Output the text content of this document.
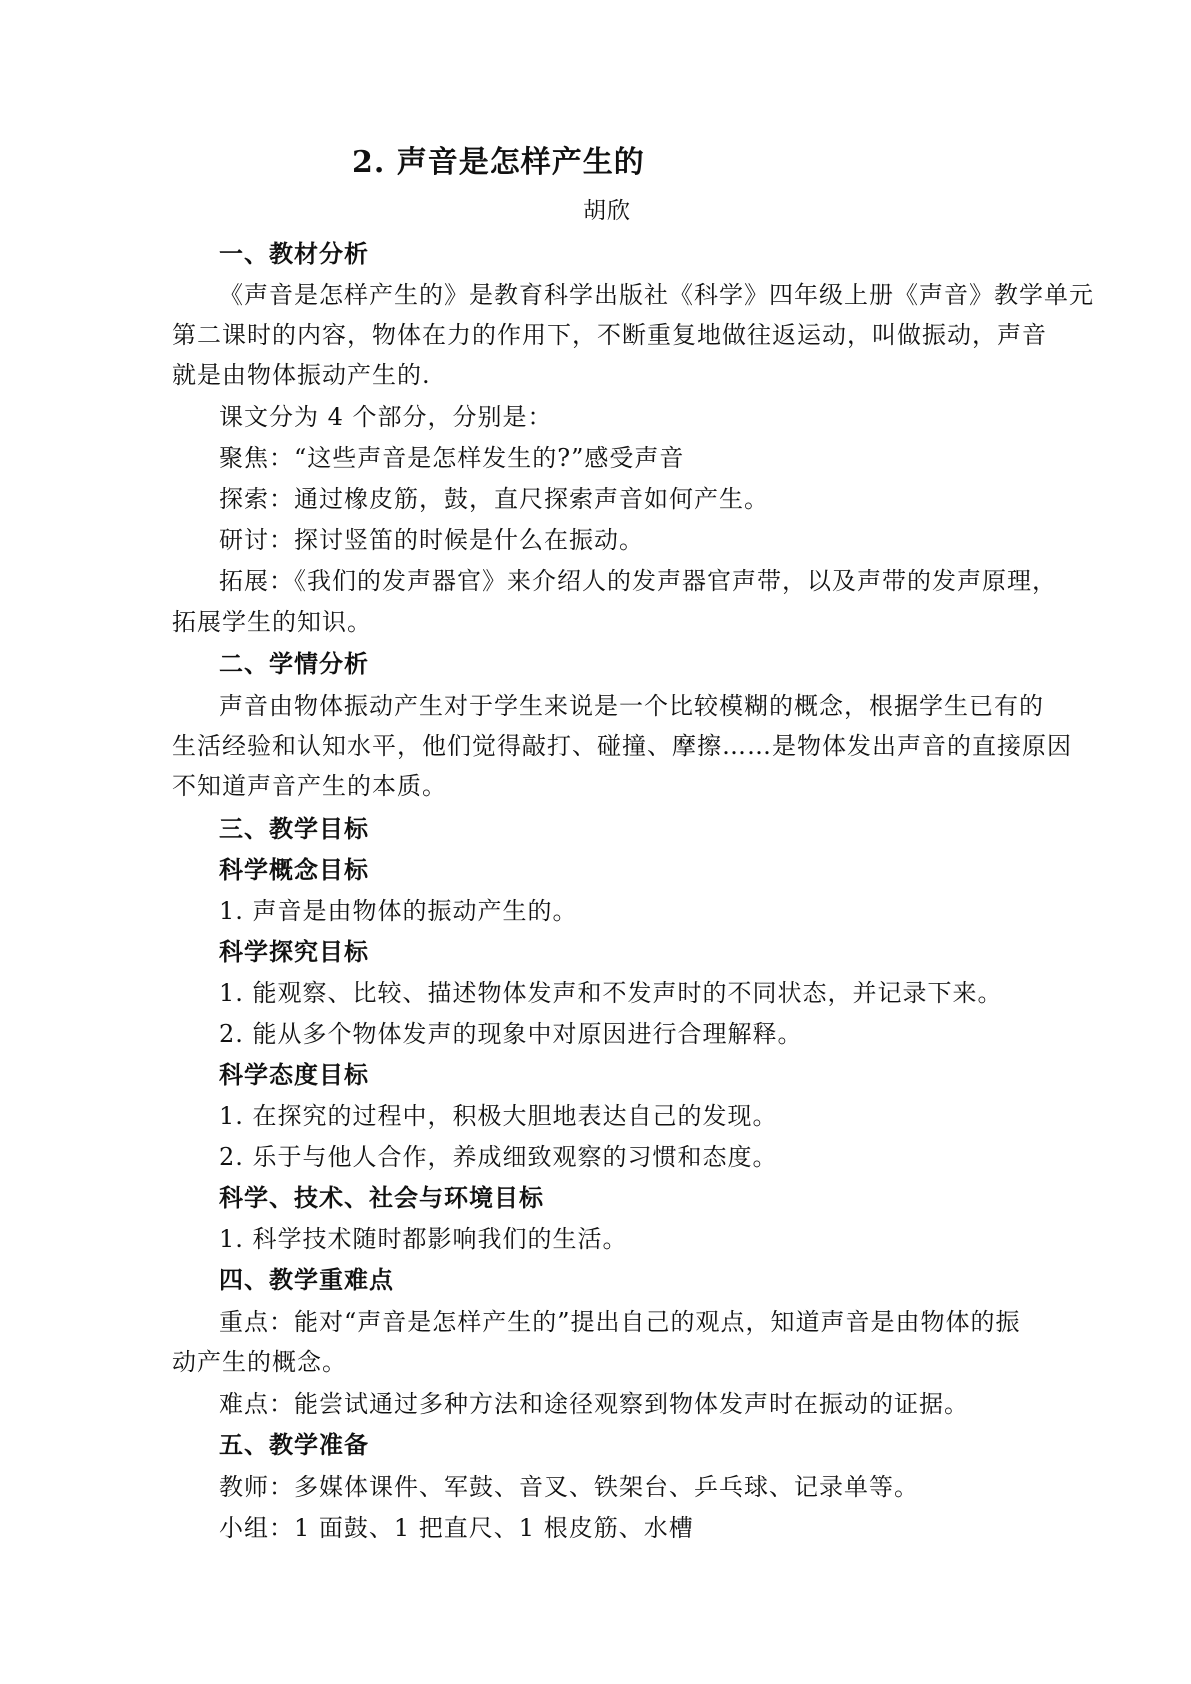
2. 声音是怎样产生的
胡欣
一、教材分析
《声音是怎样产生的》是教育科学出版社《科学》四年级上册《声音》教学单元
第二课时的内容，物体在力的作用下，不断重复地做往返运动，叫做振动，声音
就是由物体振动产生的.
课文分为 4 个部分，分别是：
聚焦：“这些声音是怎样发生的?”感受声音
探索：通过橡皮筋，鼓，直尺探索声音如何产生。
研讨：探讨竖笛的时候是什么在振动。
拓展：《我们的发声器官》来介绍人的发声器官声带，以及声带的发声原理，
拓展学生的知识。
二、学情分析
声音由物体振动产生对于学生来说是一个比较模糊的概念，根据学生已有的
生活经验和认知水平，他们觉得敲打、碰撞、摩擦……是物体发出声音的直接原因
不知道声音产生的本质。
三、教学目标
科学概念目标
1. 声音是由物体的振动产生的。
科学探究目标
1. 能观察、比较、描述物体发声和不发声时的不同状态，并记录下来。
2. 能从多个物体发声的现象中对原因进行合理解释。
科学态度目标
1. 在探究的过程中，积极大胆地表达自己的发现。
2. 乐于与他人合作，养成细致观察的习惯和态度。
科学、技术、社会与环境目标
1. 科学技术随时都影响我们的生活。
四、教学重难点
重点：能对“声音是怎样产生的”提出自己的观点，知道声音是由物体的振
动产生的概念。
难点：能尝试通过多种方法和途径观察到物体发声时在振动的证据。
五、教学准备
教师：多媒体课件、军鼓、音叉、铁架台、乒乓球、记录单等。
小组：1 面鼓、1 把直尺、1 根皮筋、水槽
